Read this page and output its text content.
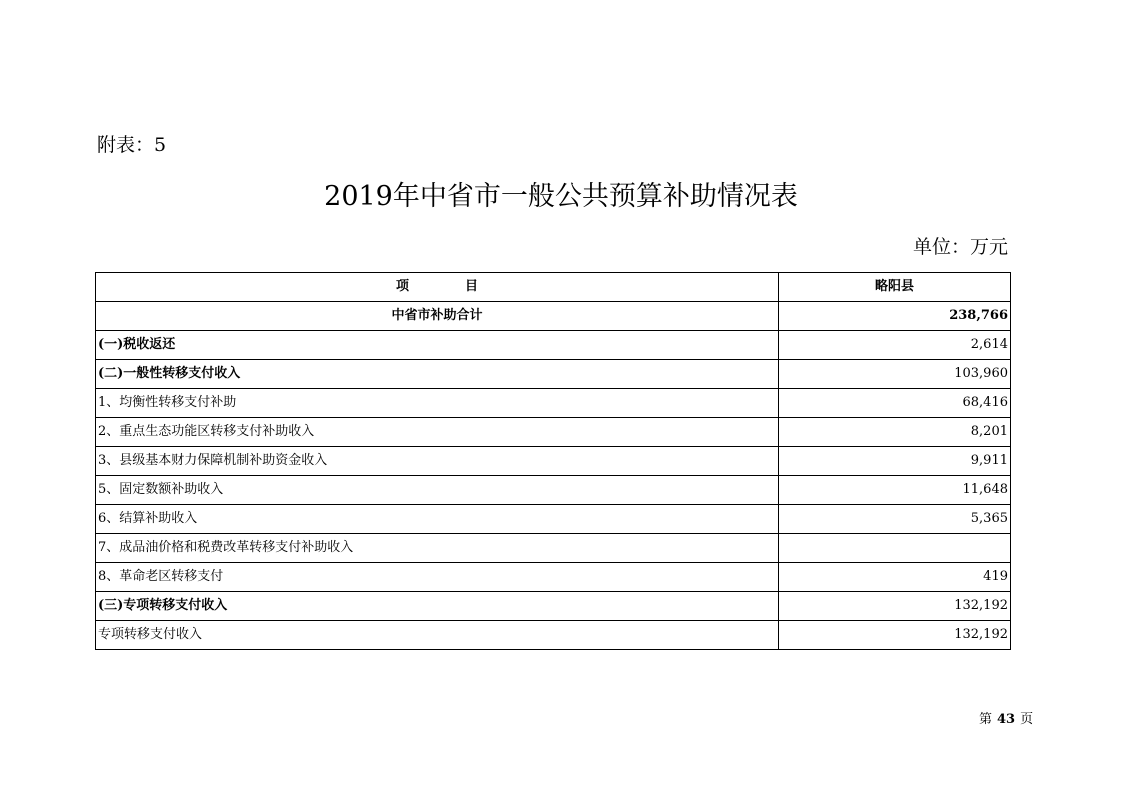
附表：5
2019年中省市一般公共预算补助情况表
单位：万元
项 目	略阳县
中省市补助合计	238,766
(一)税收返还	2,614
(二)一般性转移支付收入	103,960
1、均衡性转移支付补助	68,416
2、重点生态功能区转移支付补助收入	8,201
3、县级基本财力保障机制补助资金收入	9,911
5、固定数额补助收入	11,648
6、结算补助收入	5,365
7、成品油价格和税费改革转移支付补助收入	
8、革命老区转移支付	419
(三)专项转移支付收入	132,192
专项转移支付收入	132,192
第 43 页
